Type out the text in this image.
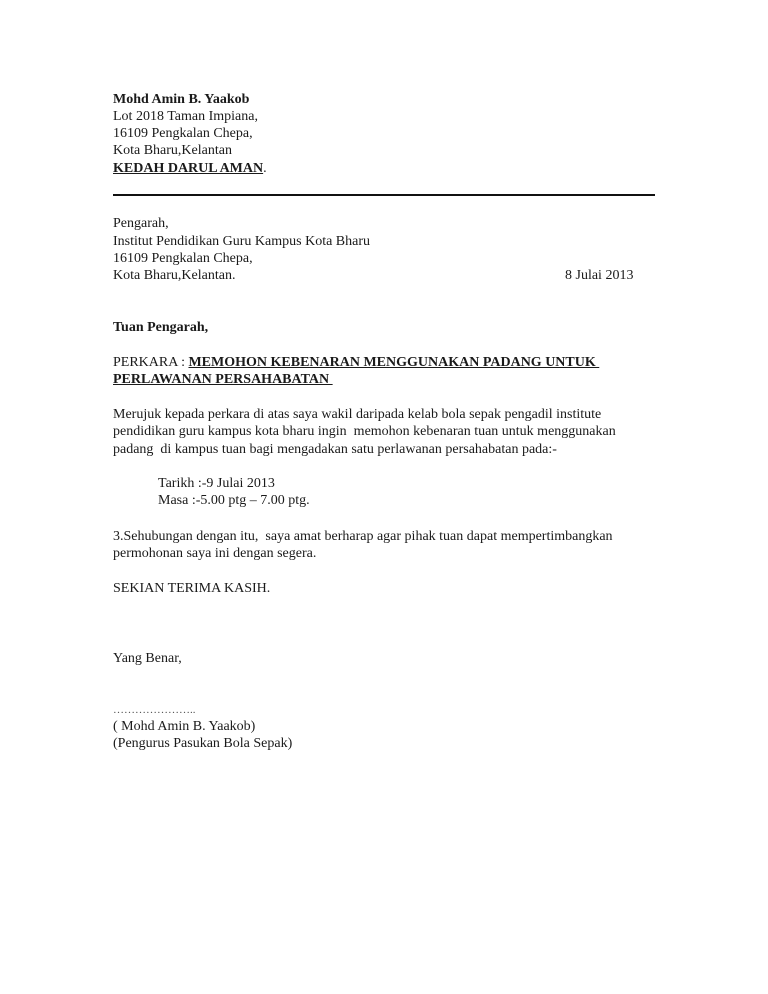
Mohd Amin B. Yaakob
Lot 2018 Taman Impiana,
16109 Pengkalan Chepa,
Kota Bharu,Kelantan
KEDAH DARUL AMAN.
Pengarah,
Institut Pendidikan Guru Kampus Kota Bharu
16109 Pengkalan Chepa,
Kota Bharu,Kelantan.	8 Julai 2013
Tuan Pengarah,
PERKARA : MEMOHON KEBENARAN MENGGUNAKAN PADANG UNTUK
PERLAWANAN PERSAHABATAN
Merujuk kepada perkara di atas saya wakil daripada kelab bola sepak pengadil institute
pendidikan guru kampus kota bharu ingin  memohon kebenaran tuan untuk menggunakan
padang  di kampus tuan bagi mengadakan satu perlawanan persahabatan pada:-
Tarikh :-9 Julai 2013
Masa :-5.00 ptg – 7.00 ptg.
3.Sehubungan dengan itu,  saya amat berharap agar pihak tuan dapat mempertimbangkan
permohonan saya ini dengan segera.
SEKIAN TERIMA KASIH.
Yang Benar,
…………………..
( Mohd Amin B. Yaakob)
(Pengurus Pasukan Bola Sepak)
